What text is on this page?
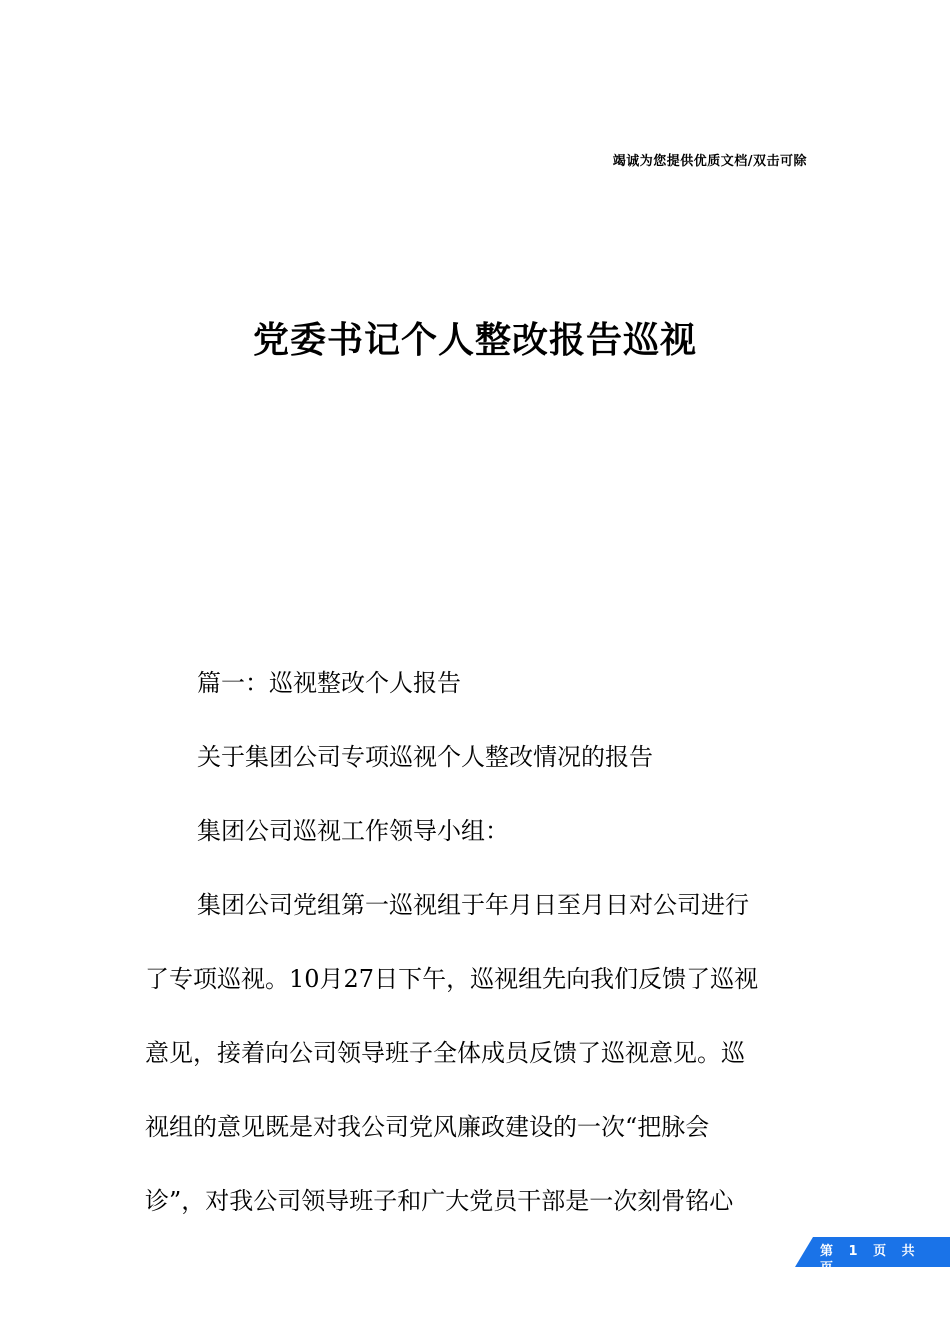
竭诚为您提供优质文档/双击可除
党委书记个人整改报告巡视
篇一：巡视整改个人报告
关于集团公司专项巡视个人整改情况的报告
集团公司巡视工作领导小组：
集团公司党组第一巡视组于年月日至月日对公司进行
了专项巡视。10月27日下午，巡视组先向我们反馈了巡视
意见，接着向公司领导班子全体成员反馈了巡视意见。巡
视组的意见既是对我公司党风廉政建设的一次“把脉会
诊”，对我公司领导班子和广大党员干部是一次刻骨铭心
第 1 页 共
页
